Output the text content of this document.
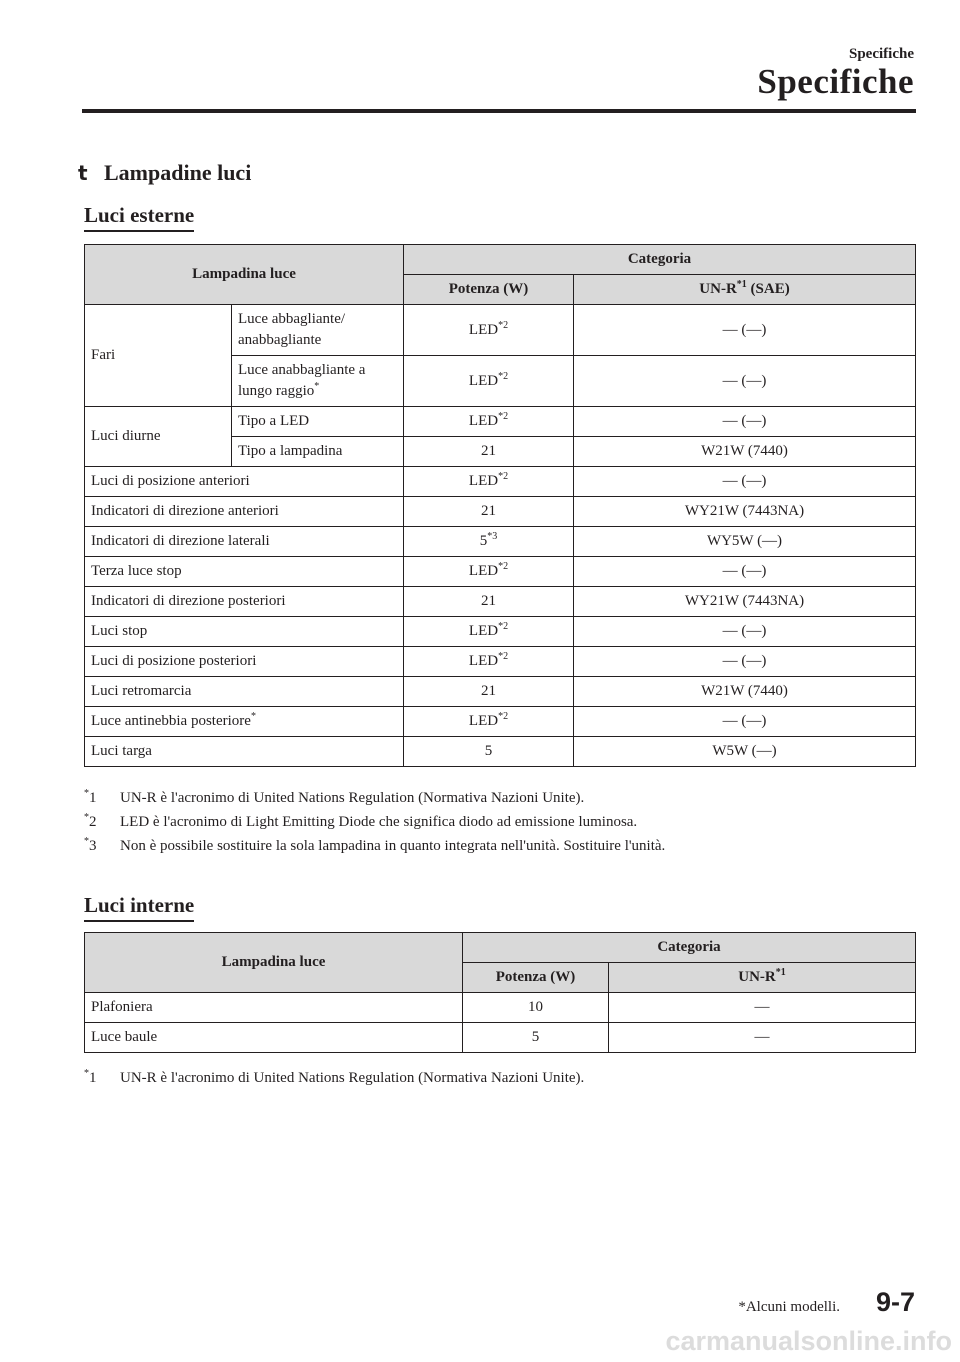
Specifiche
Specifiche
t Lampadine luci
Luci esterne
Lampadina luce		Categoria	
		Potenza (W)	$UN-R^{*1}$ (SAE)
Fari	Luce abbagliante/ anabbagliante	LED$^{*2}$	— (—)
	Luce anabbagliante a lungo raggio*	LED$^{*2}$	— (—)
Luci diurne	Tipo a LED	LED$^{*2}$	— (—)
	Tipo a lampadina	21	W21W (7440)
Luci di posizione anteriori		LED$^{*2}$	— (—)
Indicatori di direzione anteriori		21	WY21W (7443NA)
Indicatori di direzione laterali		5$^{*3}$	WY5W (—)
Terza luce stop		LED$^{*2}$	— (—)
Indicatori di direzione posteriori		21	WY21W (7443NA)
Luci stop		LED$^{*2}$	— (—)
Luci di posizione posteriori		LED$^{*2}$	— (—)
Luci retromarcia		21	W21W (7440)
Luce antinebbia posteriore*		LED$^{*2}$	— (—)
Luci targa		5	W5W (—)
*1	UN-R è l'acronimo di United Nations Regulation (Normativa Nazioni Unite).
*2	LED è l'acronimo di Light Emitting Diode che significa diodo ad emissione luminosa.
*3	Non è possibile sostituire la sola lampadina in quanto integrata nell'unità. Sostituire l'unità.
Luci interne
Lampadina luce	Categoria	
	Potenza (W)	$UN-R^{*1}$
Plafoniera	10	—
Luce baule	5	—
*1	UN-R è l'acronimo di United Nations Regulation (Normativa Nazioni Unite).
*Alcuni modelli. 9-7
carmanualsonline.info
